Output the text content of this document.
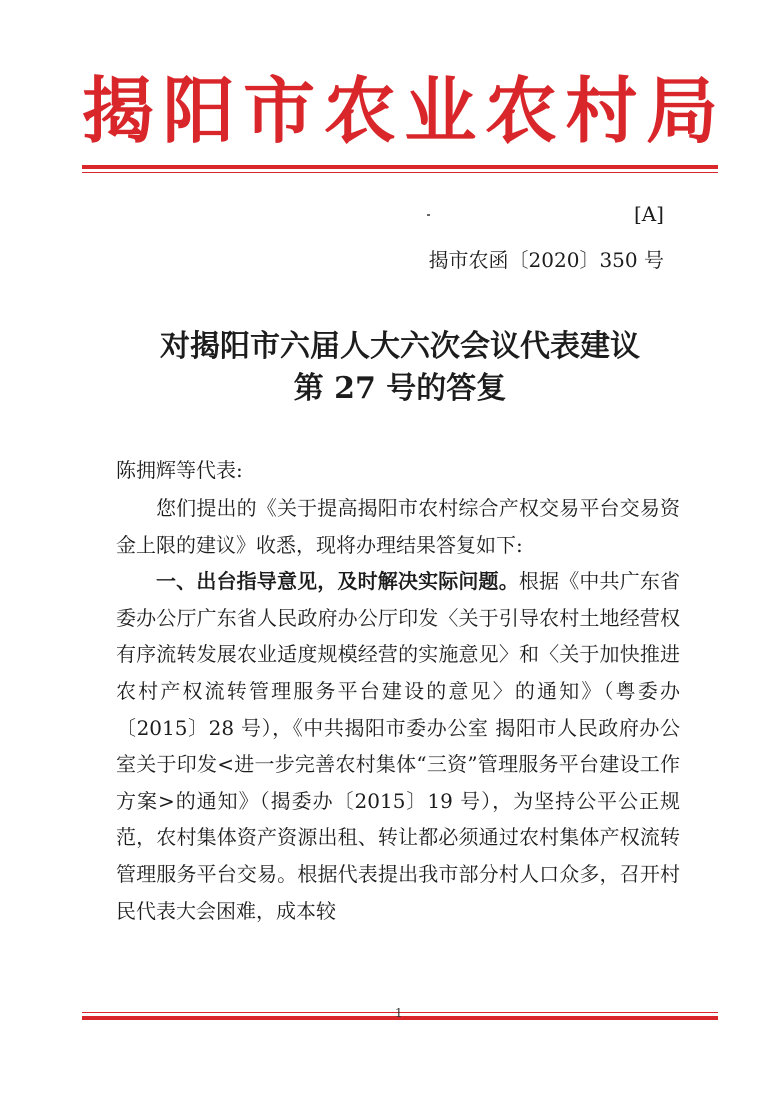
揭 阳 市 农 业 农 村 局
[A]
揭市农函〔2020〕350 号
对揭阳市六届人大六次会议代表建议
第 27 号的答复
陈拥辉等代表:

您们提出的《关于提高揭阳市农村综合产权交易平台交易资金上限的建议》收悉，现将办理结果答复如下:

一、出台指导意见，及时解决实际问题。根据《中共广东省委办公厅广东省人民政府办公厅印发〈关于引导农村土地经营权有序流转发展农业适度规模经营的实施意见〉和〈关于加快推进农村产权流转管理服务平台建设的意见〉的通知》（粤委办〔2015〕28 号），《中共揭阳市委办公室 揭阳市人民政府办公室关于印发<进一步完善农村集体“三资”管理服务平台建设工作方案>的通知》（揭委办〔2015〕19 号），为坚持公平公正规范，农村集体资产资源出租、转让都必须通过农村集体产权流转管理服务平台交易。根据代表提出我市部分村人口众多，召开村民代表大会困难，成本较

1
